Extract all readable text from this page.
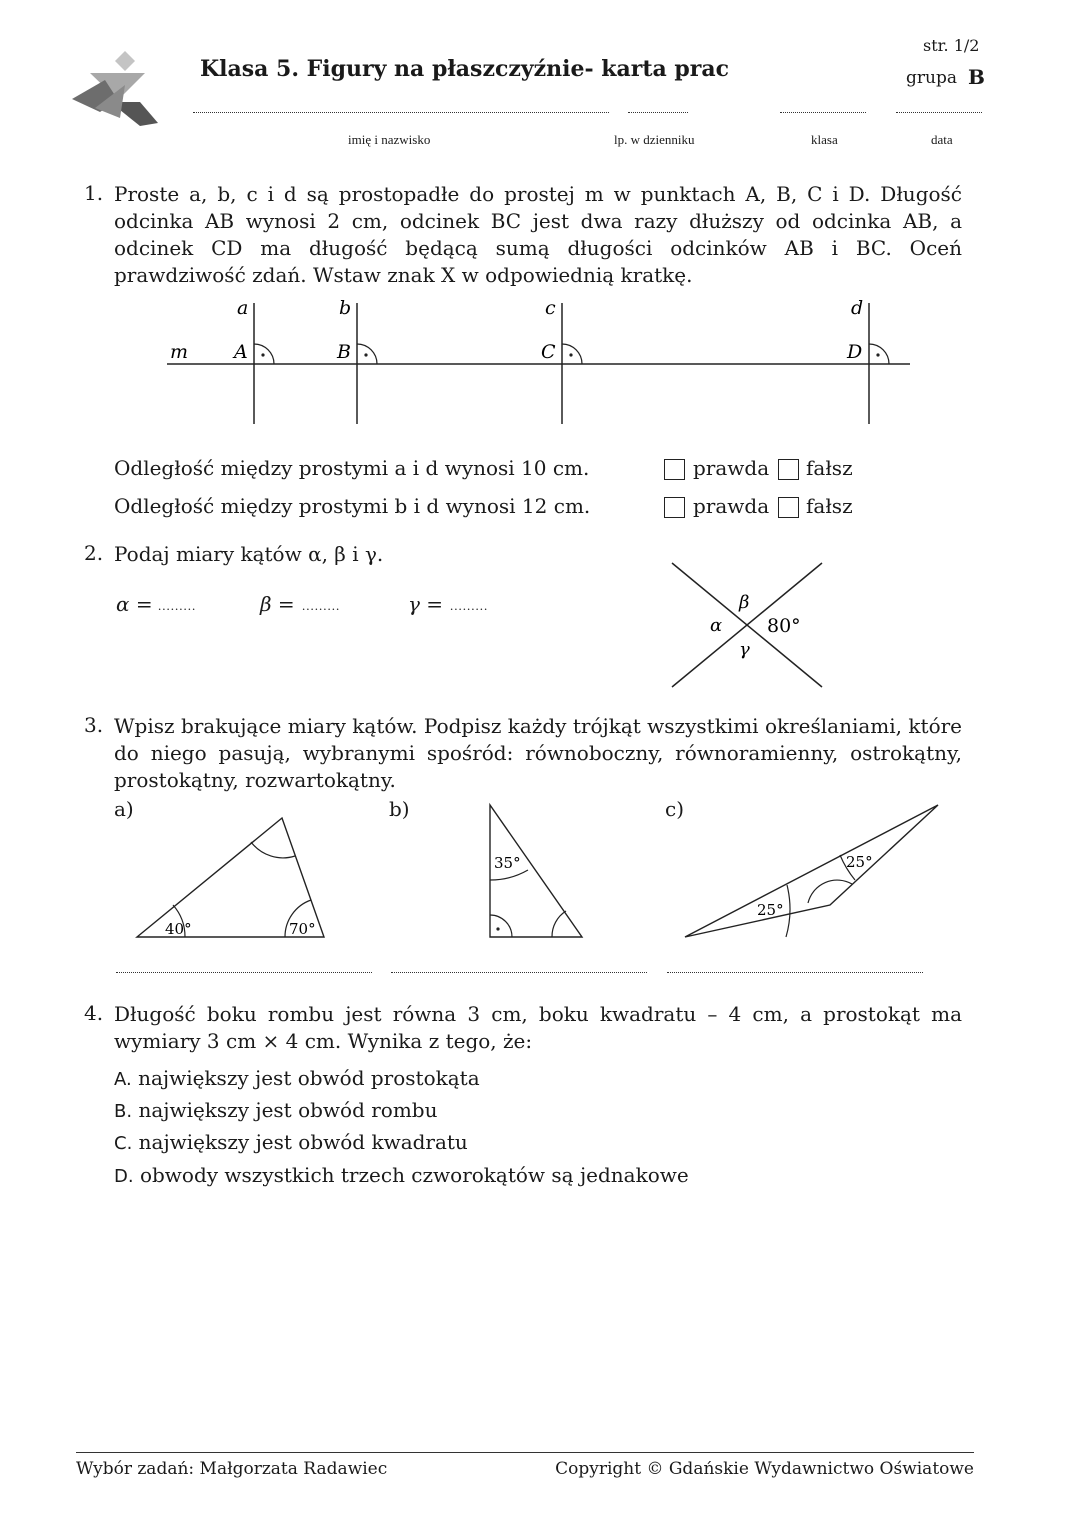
Klasa 5. Figury na płaszczyźnie- karta prac
str. 1/2
grupa B
imię i nazwisko	lp. w dzienniku	klasa	data
1. Proste a, b, c i d są prostopadłe do prostej m w punktach A, B, C i D. Długość odcinka AB wynosi 2 cm, odcinek BC jest dwa razy dłuższy od odcinka AB, a odcinek CD ma długość będącą sumą długości odcinków AB i BC. Oceń prawdziwość zdań. Wstaw znak X w odpowiednią kratkę.
a	b	c	d
m A	B	C	D
Odległość między prostymi a i d wynosi 10 cm.	prawda fałsz
Odległość między prostymi b i d wynosi 12 cm.	prawda fałsz
2. Podaj miary kątów α, β i γ.
α = .........	β = .........	γ = .........
α
β
γ
80°
3. Wpisz brakujące miary kątów. Podpisz każdy trójkąt wszystkimi określaniami, które do niego pasują, wybranymi spośród: równoboczny, równoramienny, ostrokątny, prostokątny, rozwartokątny.
a)	b)	c)
40°	70°
35°
25°
25°
4. Długość boku rombu jest równa 3 cm, boku kwadratu – 4 cm, a prostokąt ma wymiary 3 cm × 4 cm. Wynika z tego, że:
A. największy jest obwód prostokąta
B. największy jest obwód rombu
C. największy jest obwód kwadratu
D. obwody wszystkich trzech czworokątów są jednakowe
Wybór zadań: Małgorzata Radawiec	Copyright © Gdańskie Wydawnictwo Oświatowe
